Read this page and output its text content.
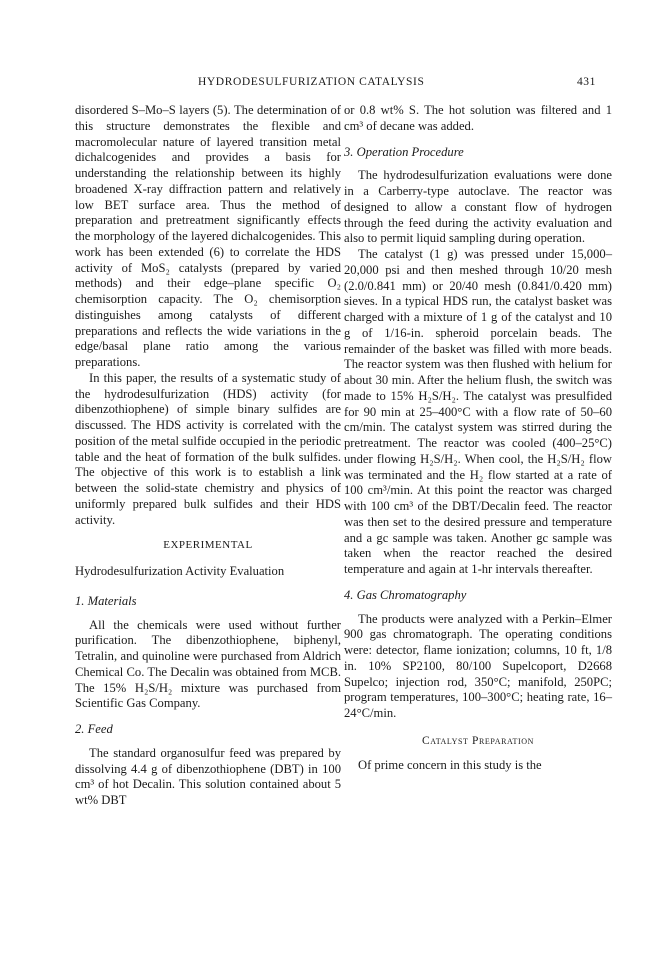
HYDRODESULFURIZATION CATALYSIS	431

disordered S–Mo–S layers (5). The determination of this structure demonstrates the flexible and macromolecular nature of layered transition metal dichalcogenides and provides a basis for understanding the relationship between its highly broadened X-ray diffraction pattern and relatively low BET surface area. Thus the method of preparation and pretreatment significantly effects the morphology of the layered dichalcogenides. This work has been extended (6) to correlate the HDS activity of MoS₂ catalysts (prepared by varied methods) and their edge–plane specific O₂ chemisorption capacity. The O₂ chemisorption distinguishes among catalysts of different preparations and reflects the wide variations in the edge/basal plane ratio among the various preparations.

In this paper, the results of a systematic study of the hydrodesulfurization (HDS) activity (for dibenzothiophene) of simple binary sulfides are discussed. The HDS activity is correlated with the position of the metal sulfide occupied in the periodic table and the heat of formation of the bulk sulfides. The objective of this work is to establish a link between the solid-state chemistry and physics of uniformly prepared bulk sulfides and their HDS activity.

EXPERIMENTAL
Hydrodesulfurization Activity Evaluation
1. Materials

All the chemicals were used without further purification. The dibenzothiophene, biphenyl, Tetralin, and quinoline were purchased from Aldrich Chemical Co. The Decalin was obtained from MCB. The 15% H₂S/H₂ mixture was purchased from Scientific Gas Company.

2. Feed

The standard organosulfur feed was prepared by dissolving 4.4 g of dibenzothiophene (DBT) in 100 cm³ of hot Decalin. This solution contained about 5 wt% DBT

or 0.8 wt% S. The hot solution was filtered and 1 cm³ of decane was added.

3. Operation Procedure

The hydrodesulfurization evaluations were done in a Carberry-type autoclave. The reactor was designed to allow a constant flow of hydrogen through the feed during the activity evaluation and also to permit liquid sampling during operation.

The catalyst (1 g) was pressed under 15,000–20,000 psi and then meshed through 10/20 mesh (2.0/0.841 mm) or 20/40 mesh (0.841/0.420 mm) sieves. In a typical HDS run, the catalyst basket was charged with a mixture of 1 g of the catalyst and 10 g of 1/16-in. spheroid porcelain beads. The remainder of the basket was filled with more beads. The reactor system was then flushed with helium for about 30 min. After the helium flush, the switch was made to 15% H₂S/H₂. The catalyst was presulfided for 90 min at 25–400°C with a flow rate of 50–60 cm/min. The catalyst system was stirred during the pretreatment. The reactor was cooled (400–25°C) under flowing H₂S/H₂. When cool, the H₂S/H₂ flow was terminated and the H₂ flow started at a rate of 100 cm³/min. At this point the reactor was charged with 100 cm³ of the DBT/Decalin feed. The reactor was then set to the desired pressure and temperature and a gc sample was taken. Another gc sample was taken when the reactor reached the desired temperature and again at 1-hr intervals thereafter.

4. Gas Chromatography

The products were analyzed with a Perkin–Elmer 900 gas chromatograph. The operating conditions were: detector, flame ionization; columns, 10 ft, 1/8 in. 10% SP2100, 80/100 Supelcoport, D2668 Supelco; injection rod, 350°C; manifold, 250PC; program temperatures, 100–300°C; heating rate, 16–24°C/min.

Catalyst Preparation

Of prime concern in this study is the
